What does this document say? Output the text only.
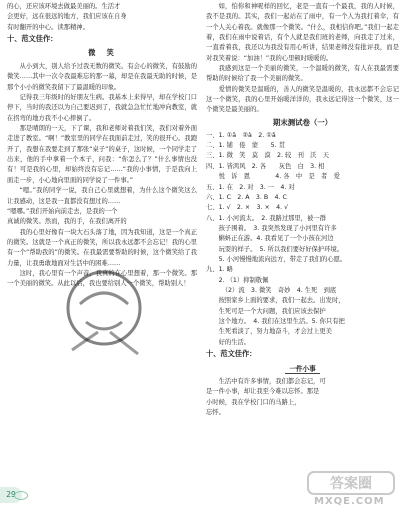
的心，还应该环境去做最美丽的。生活才
会更好，远在很远的地方，我们应该在自身
有时翻开的中心。读那精神。
十、范文佳作：
微　笑

从小到大，别人给予过我无数的微笑。有会心的微笑，有鼓励的微笑……其中一次令我最难忘的那一幕，却是在我最无助的时候，是那个小小的微笑我留下了最温暖的印象。

记得我三年级时的好朋友生病。我基本上来得早，却在学校门口停下，当时的我还以为自己要迟到了，我就急急忙忙地冲向教室，就在拐弯的地方我不小心摔倒了。

那是晴朗的一天，下了课，我和老师对着我们笑，我们对着外面走进了教室。“啊！”教室里的同学在我面前走过，笑的很开心。我跑开了，我想在我要走到了那张“桌子”的桌子，这时候，一个同学走了出来，他的手中拿着一个本子，问我：“你怎么了？”什么事情也没有！可是我的心里，却始终没有忘记……“我的小事情，于是我向上面走一步，小心地向里面的同学说了一件事。”

“嗯。”我的同学一说，我自己心里就想着，为什么这个微笑这么让我感动，这是我一直都没有想过的……

“嗯哪。”我们开始向前走去，是我的一个
真诚的微笑。然而，我的手，在我们离开的

我的心里好像有一块大石头落了地，因为我知道，这是一个真正的微笑。这就是一个真正的微笑，所以我永远都不会忘记！我的心里有一个“帮助我的”的微笑。在我最需要帮助的时候，这个微笑给了我力量，让我勇敢地面对生活中的困难……

这时，我心里有一个声音，我真的在心里想着，那一个微笑。那一个美丽的微笑。从此以后，我也要给别人一个微笑，帮助别人！

如，怕你和神呢样的回忆，老是一直有一个最我，我的人时候，我不是我的。其实，我们一起站在了雨中，有一个人为我打着伞，有一个人关心着我。就像那一个微笑。“什么，我相信你吧。”我们一起走着，我们在雨中说着话，有个人就是我们班的老师，向我走了过来，一直看着我，我还以为我没有用心听讲，结果老师没有批评我，而是对我笑着说：“加油！”我的心里顿时暖暖的。

我感到这是一个美丽的微笑，一个温暖的微笑，有人在我最需要帮助的时候给了我一个美丽的微笑。

爱情的微笑是温暖的，善人的微笑是温暖的，我永远都不会忘记这一个微笑，我的心里开始暖洋洋的，我永远记得这一个微笑，这一个微笑是最美丽的。

期末测试卷（一）
一、1. ①ā　②à　2. ①ǎ
二、1. 铺　倦　蒙　　5. 贯
三、1. 微　笑　莫　漠　2. 较　刊　沃　天
四、1. 皆鸿风　2. 各　　灰色　白　3. 相
　　悦　诉　恩　　　　4. 各　中　是　者　爱
五、1. 在　2. 对　3. 一　4. 对
六、1. C　2. A　3. B　4. C
七、1. √　2. ×　3. ×　4. √
八、1. 小河流太。　2. 我路过那里，被一群
　　孩子围着。　3. 我突然发现了小河里有许多
　　蝌蚪正在游。4. 我看见了一个小孩在河边
　　玩耍的样子。　5. 所以我们要好好保护环境。
　　5. 小河慢慢地流向远方，带走了我们的心愿。
九、1. 略
　　2. （1）抑制敬佩
　　　（2）流　3. 微笑　奇妙　4. 生死　到底
　　按照家乡上面的要求，我们一起去。出发时，
　　生死可是一个大问题，我们应该去保护
　　这个地方。　4. 我们在这里生活。5. 你只有把
　　生死看淡了，努力地奋斗，才会过上更美
　　好的生活。
十、范文佳作：
一件小事
生活中有许多事情，我们都会忘记，可
是一件小事，却让我至今难以忘怀。那是
小时候，我在学校门口的马路上，
忘怀。
29
答案圈
MXQE.COM
